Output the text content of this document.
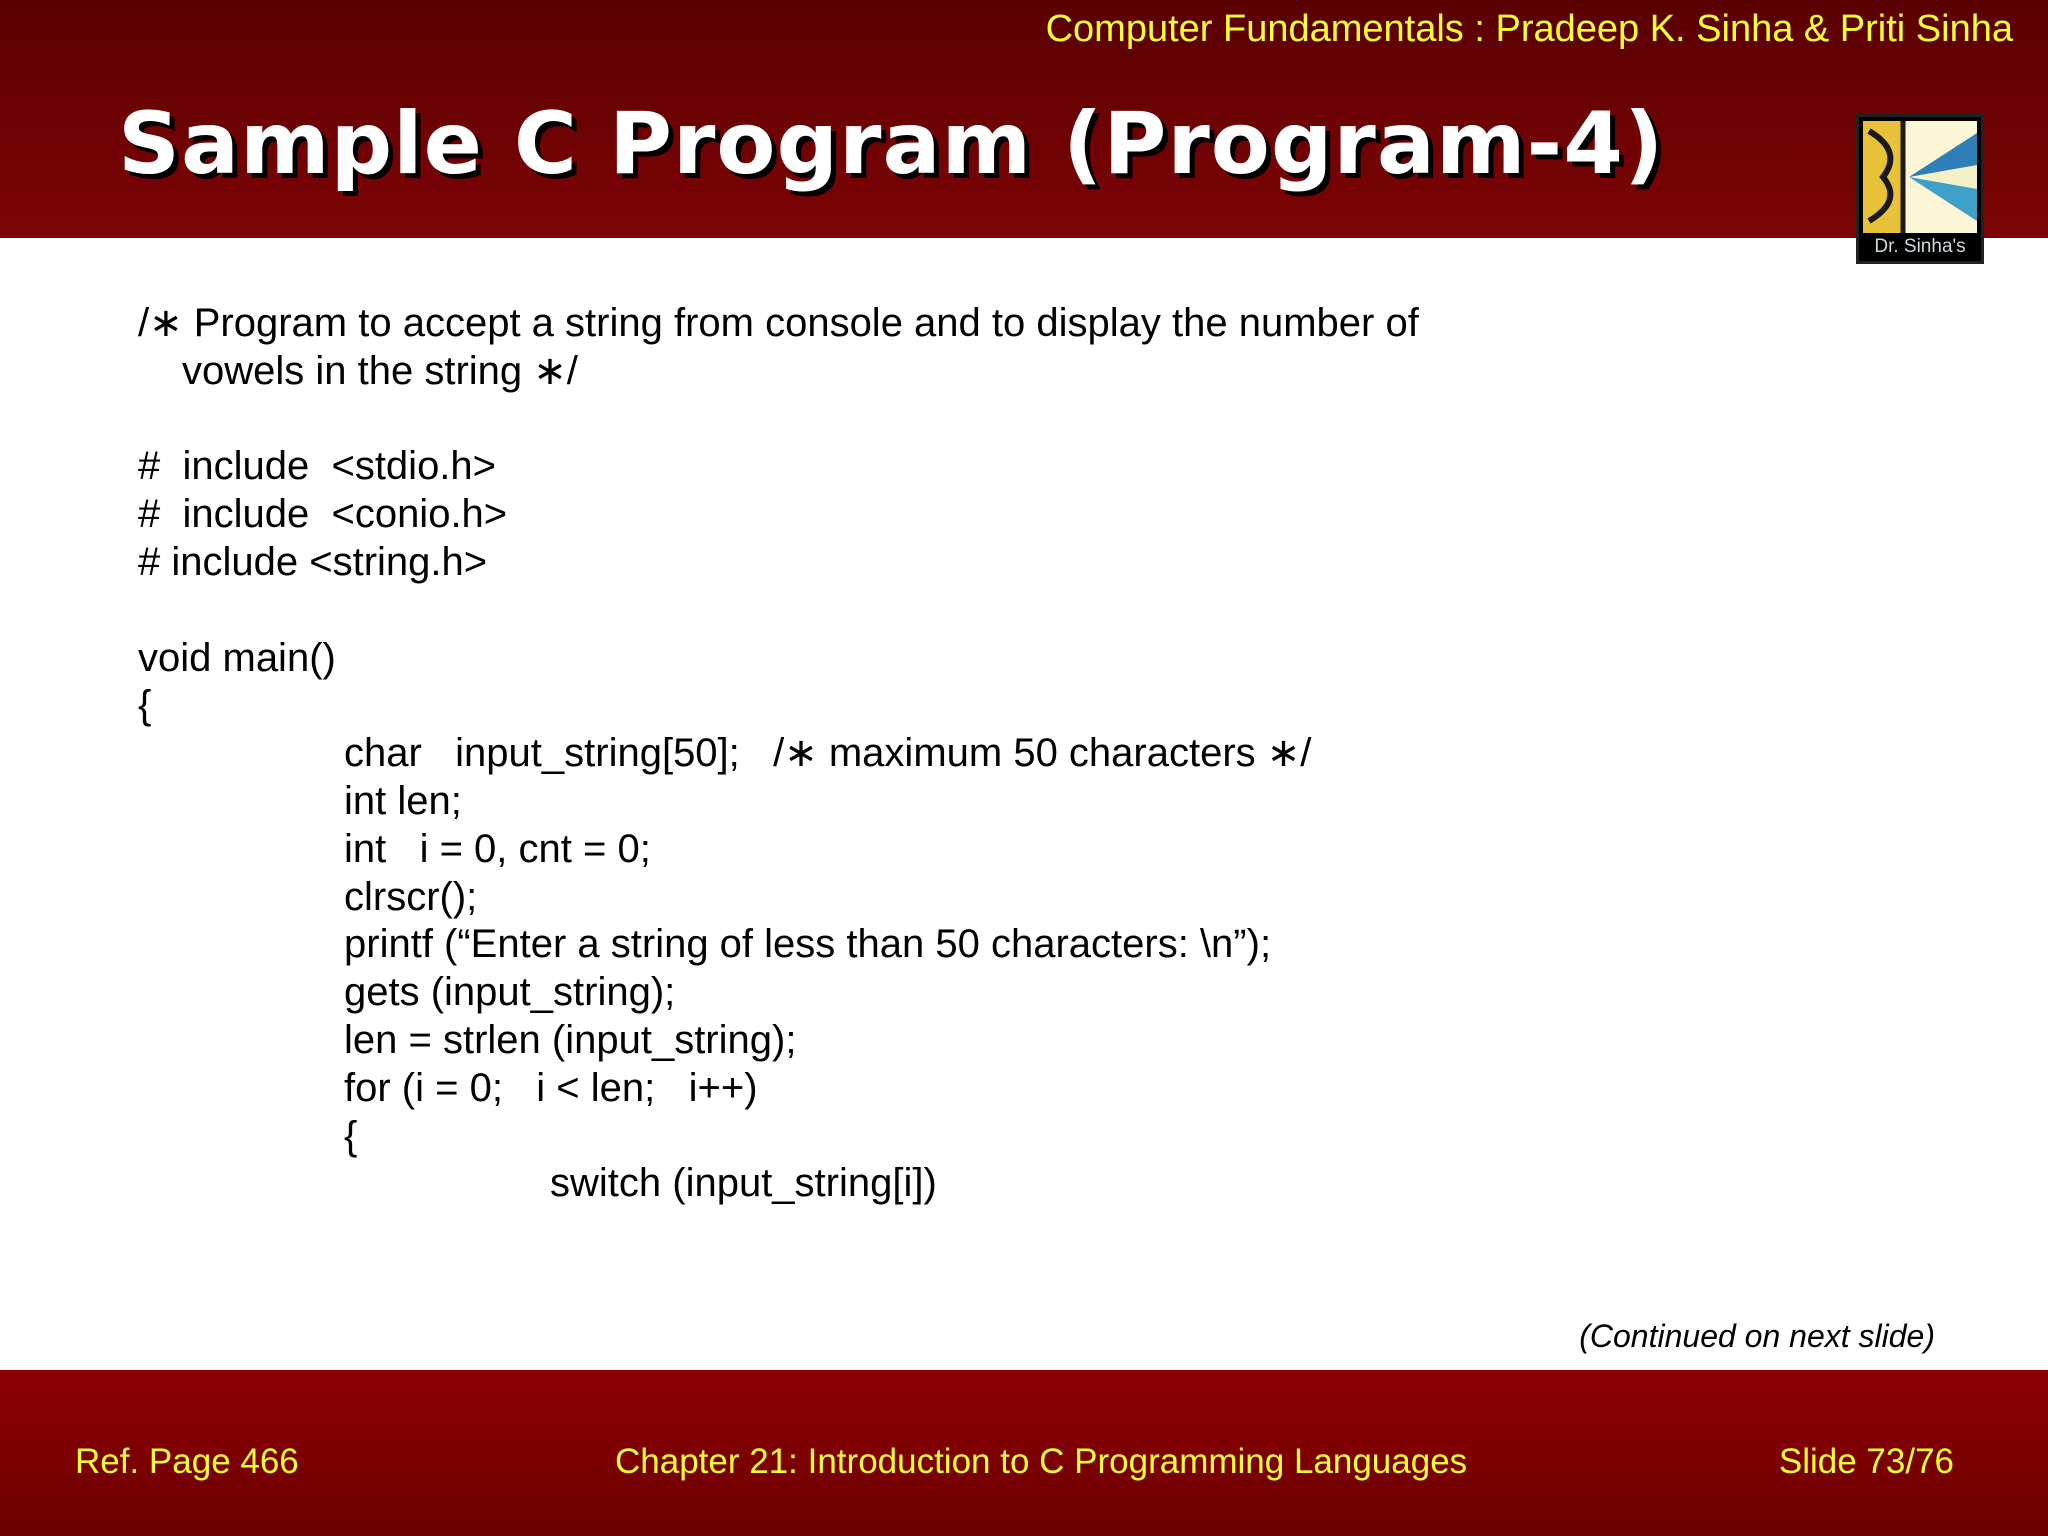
Computer Fundamentals : Pradeep K. Sinha & Priti Sinha
Sample C Program (Program-4)
Dr. Sinha's
/∗ Program to accept a string from console and to display the number of
vowels in the string ∗/
#  include  <stdio.h>
#  include  <conio.h>
# include <string.h>
void main()
{
char   input_string[50];   /∗ maximum 50 characters ∗/
int len;
int   i = 0, cnt = 0;
clrscr();
printf (“Enter a string of less than 50 characters: \n”);
gets (input_string);
len = strlen (input_string);
for (i = 0;   i < len;   i++)
{
switch (input_string[i])
(Continued on next slide)
Ref. Page 466	Chapter 21: Introduction to C Programming Languages	Slide 73/76
